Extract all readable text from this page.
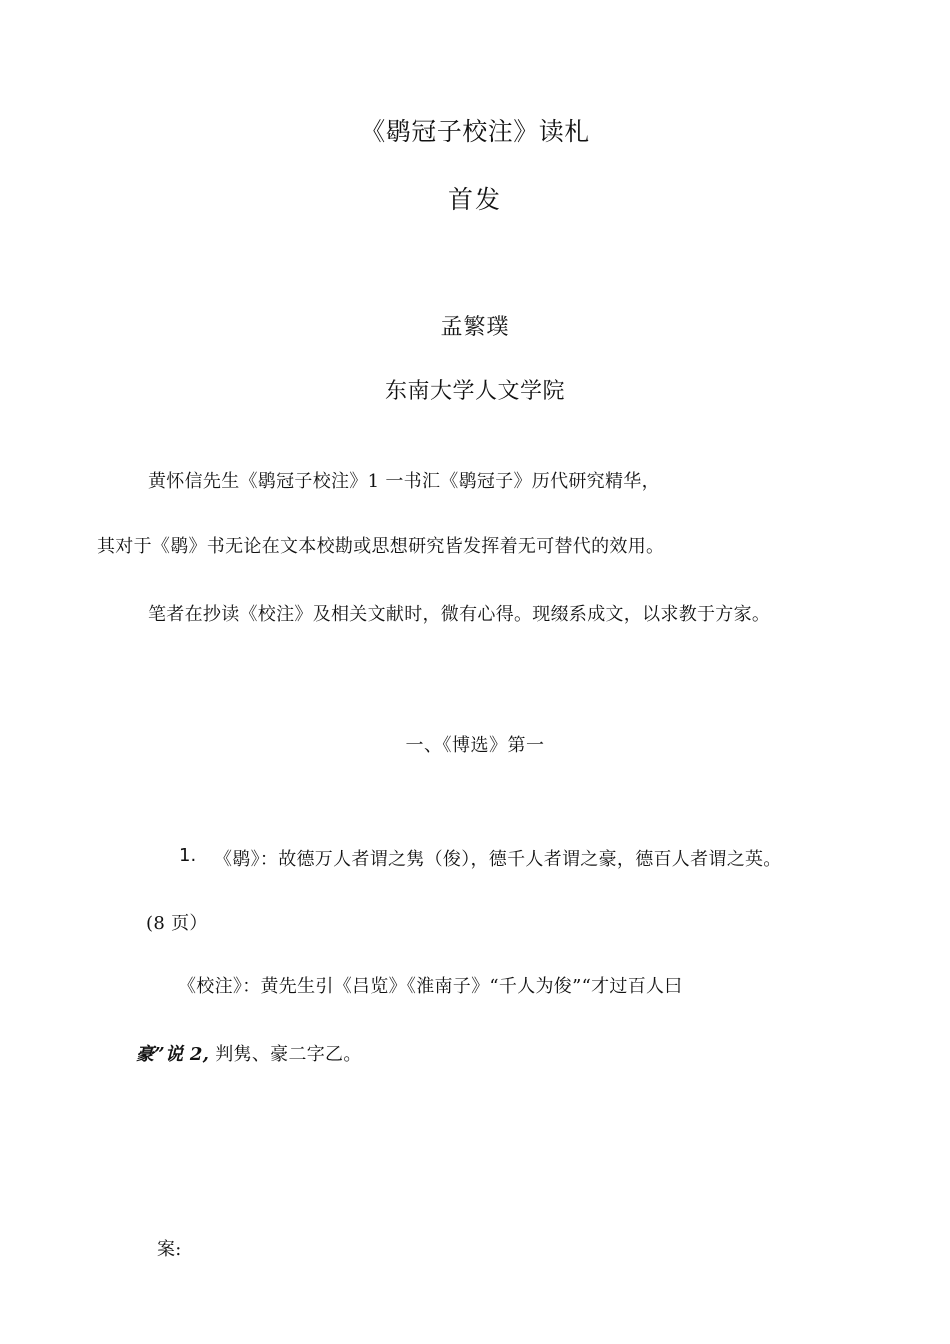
《鹖冠子校注》读札
首发
孟繁璞
东南大学人文学院
黄怀信先生《鹖冠子校注》1 一书汇《鹖冠子》历代研究精华，
其对于《鹖》书无论在文本校勘或思想研究皆发挥着无可替代的效用。
笔者在抄读《校注》及相关文献时，微有心得。现缀系成文，以求教于方家。
一、《博选》第一
1. 《鹖》：故德万人者谓之隽（俊），德千人者谓之豪，德百人者谓之英。
(8 页）
《校注》：黄先生引《吕览》《淮南子》“千人为俊”“才过百人曰
豪”说 2, 判隽、豪二字乙。
案:
